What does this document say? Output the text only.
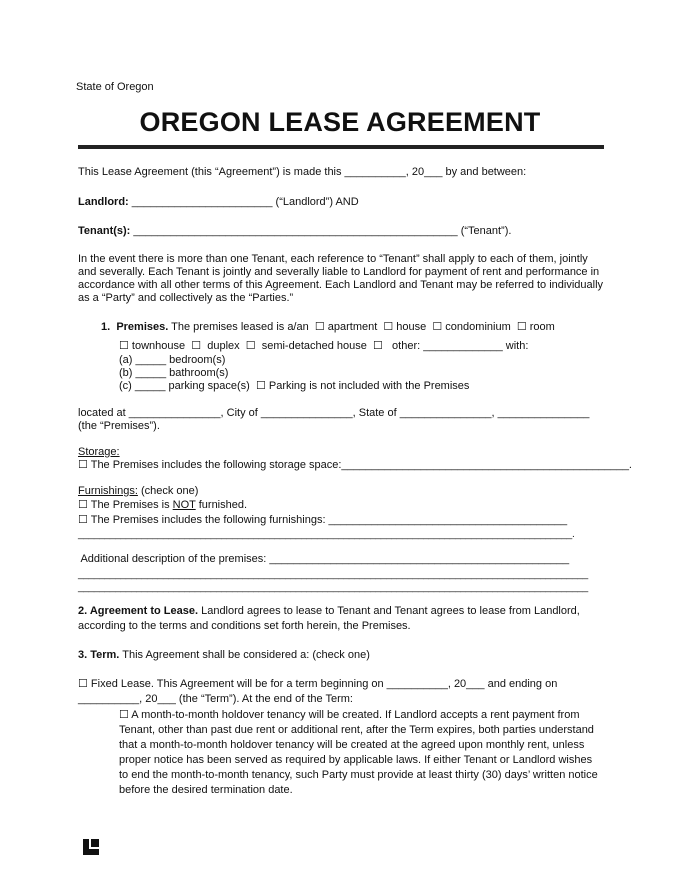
State of Oregon
OREGON LEASE AGREEMENT
This Lease Agreement (this “Agreement”) is made this __________, 20___ by and between:
Landlord: _______________________ (“Landlord”) AND
Tenant(s): _____________________________________________________ (“Tenant”).
In the event there is more than one Tenant, each reference to “Tenant” shall apply to each of them, jointly and severally. Each Tenant is jointly and severally liable to Landlord for payment of rent and performance in accordance with all other terms of this Agreement. Each Landlord and Tenant may be referred to individually as a “Party” and collectively as the “Parties.”
1. Premises. The premises leased is a/an  ☐ apartment  ☐ house  ☐ condominium  ☐ room
☐ townhouse  ☐  duplex  ☐  semi-detached house  ☐   other: _____________ with:
(a) _____ bedroom(s)
(b) _____ bathroom(s)
(c) _____ parking space(s)  ☐ Parking is not included with the Premises
located at _______________, City of _______________, State of _______________, _______________
(the “Premises”).
Storage:
☐ The Premises includes the following storage space:_______________________________________________.
Furnishings: (check one)
☐ The Premises is NOT furnished.
☐ The Premises includes the following furnishings: _______________________________________
_____________________________________________________________________________________________.
Additional description of the premises: _________________________________________________
________________________________________________________________________________________________
________________________________________________________________________________________________
2. Agreement to Lease. Landlord agrees to lease to Tenant and Tenant agrees to lease from Landlord, according to the terms and conditions set forth herein, the Premises.
3. Term. This Agreement shall be considered a: (check one)
☐ Fixed Lease. This Agreement will be for a term beginning on __________, 20___ and ending on
__________, 20___ (the “Term”). At the end of the Term:
☐ A month-to-month holdover tenancy will be created. If Landlord accepts a rent payment from Tenant, other than past due rent or additional rent, after the Term expires, both parties understand that a month-to-month holdover tenancy will be created at the agreed upon monthly rent, unless proper notice has been served as required by applicable laws. If either Tenant or Landlord wishes to end the month-to-month tenancy, such Party must provide at least thirty (30) days’ written notice before the desired termination date.
